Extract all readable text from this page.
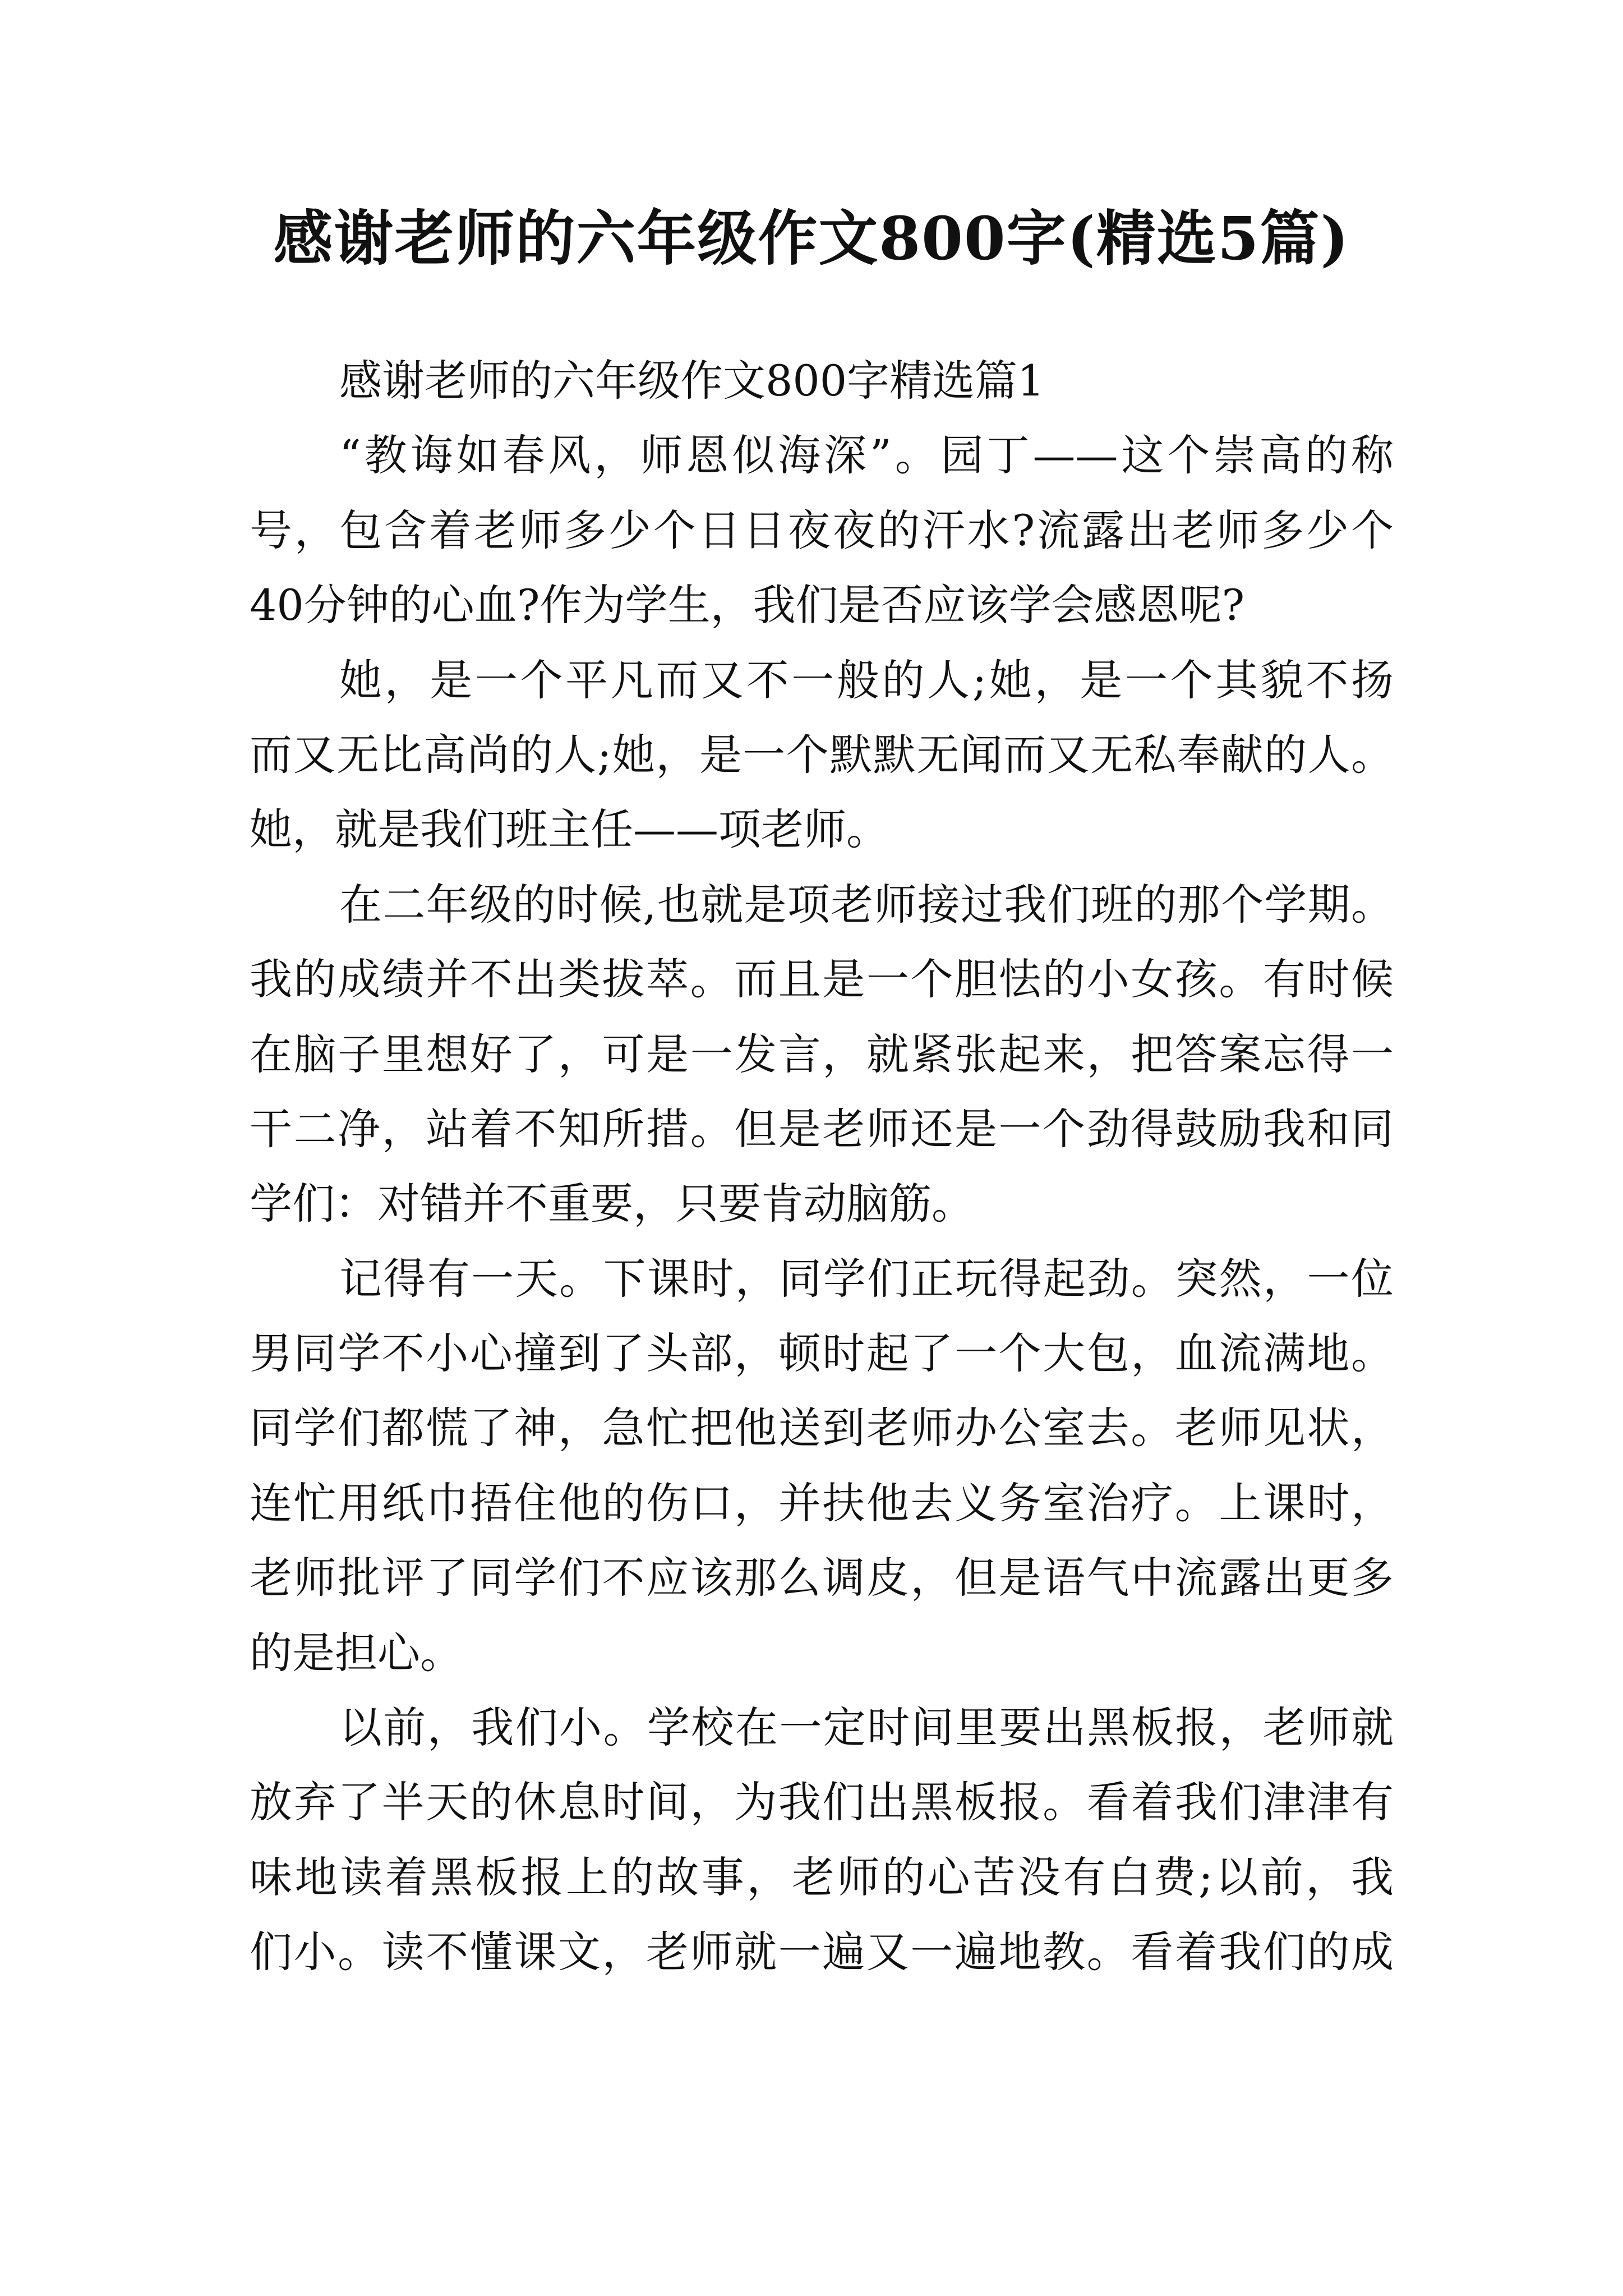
感谢老师的六年级作文800字(精选5篇)
感谢老师的六年级作文800字精选篇1
“教诲如春风，师恩似海深”。园丁——这个崇高的称
号，包含着老师多少个日日夜夜的汗水?流露出老师多少个
40分钟的心血?作为学生，我们是否应该学会感恩呢?
她，是一个平凡而又不一般的人;她，是一个其貌不扬
而又无比高尚的人;她，是一个默默无闻而又无私奉献的人。
她，就是我们班主任——项老师。
在二年级的时候,也就是项老师接过我们班的那个学期。
我的成绩并不出类拔萃。而且是一个胆怯的小女孩。有时候
在脑子里想好了，可是一发言，就紧张起来，把答案忘得一
干二净，站着不知所措。但是老师还是一个劲得鼓励我和同
学们：对错并不重要，只要肯动脑筋。
记得有一天。下课时，同学们正玩得起劲。突然，一位
男同学不小心撞到了头部，顿时起了一个大包，血流满地。
同学们都慌了神，急忙把他送到老师办公室去。老师见状，
连忙用纸巾捂住他的伤口，并扶他去义务室治疗。上课时，
老师批评了同学们不应该那么调皮，但是语气中流露出更多
的是担心。
以前，我们小。学校在一定时间里要出黑板报，老师就
放弃了半天的休息时间，为我们出黑板报。看着我们津津有
味地读着黑板报上的故事，老师的心苦没有白费;以前，我
们小。读不懂课文，老师就一遍又一遍地教。看着我们的成
